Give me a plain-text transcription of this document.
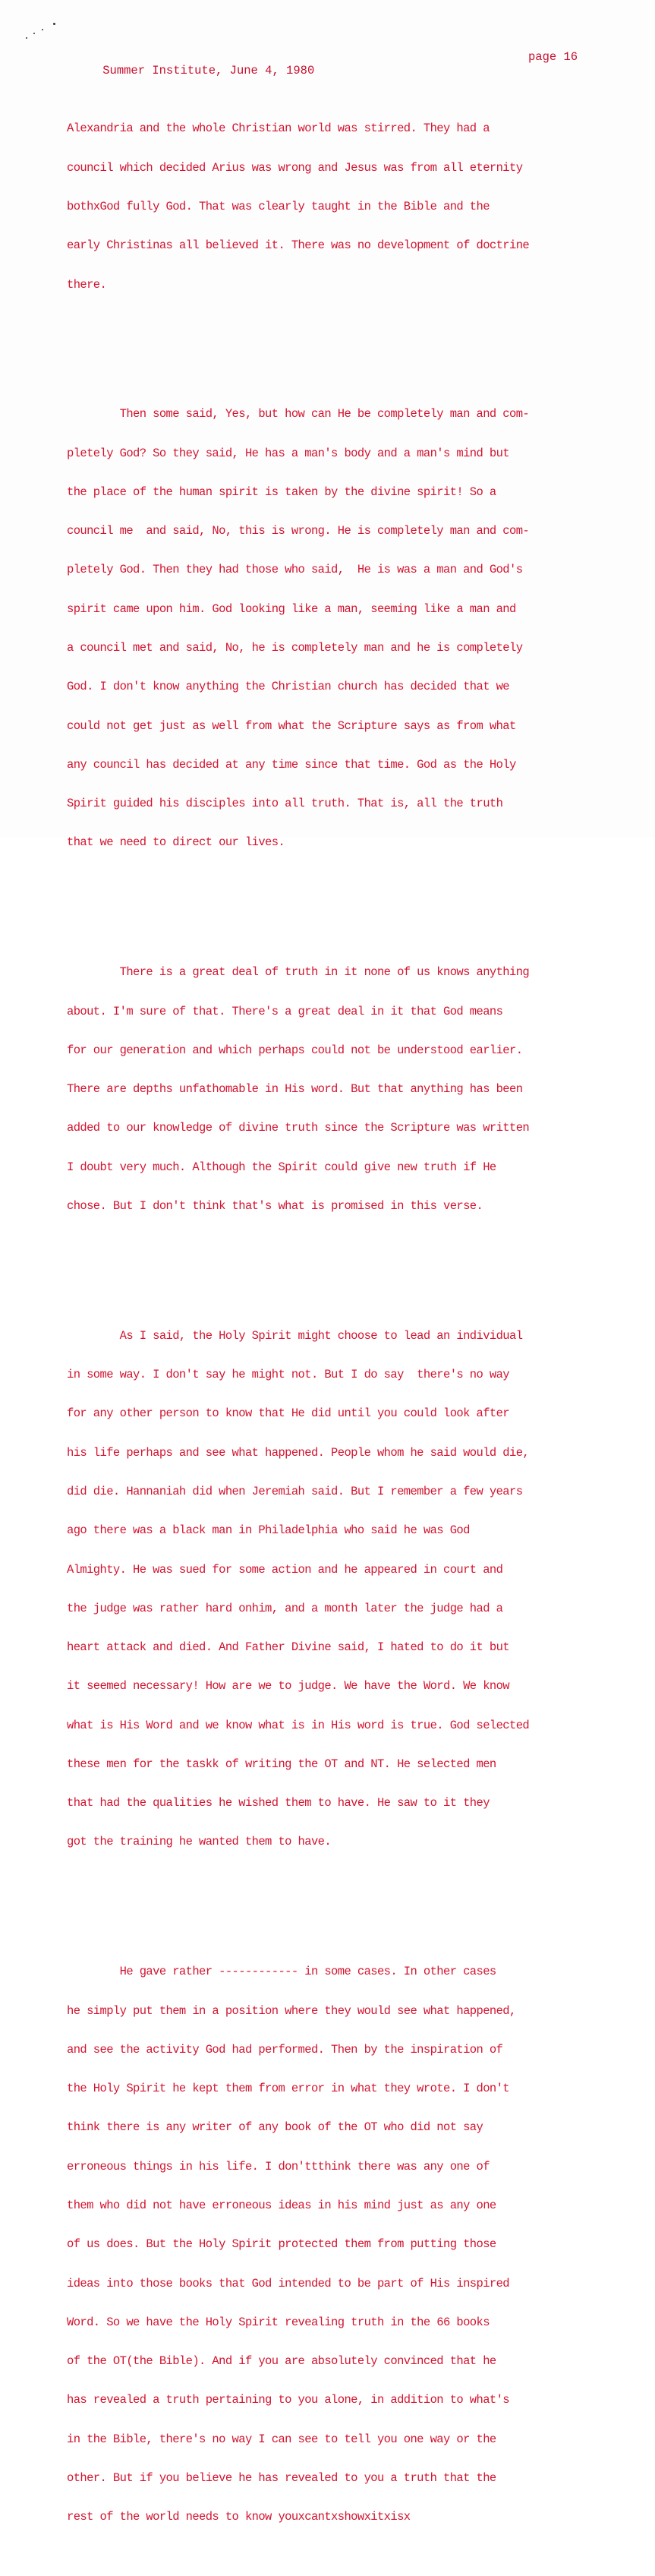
Summer Institute, June 4, 1980

page 16

Alexandria and the whole Christian world was stirred. They had a

council which decided Arius was wrong and Jesus was from all eternity

bothxGod fully God. That was clearly taught in the Bible and the

early Christinas all believed it. There was no development of doctrine

there.

Then some said, Yes, but how can He be completely man and com-

pletely God? So they said, He has a man's body and a man's mind but

the place of the human spirit is taken by the divine spirit! So a

council me  and said, No, this is wrong. He is completely man and com-

pletely God. Then they had those who said,  He is was a man and God's

spirit came upon him. God looking like a man, seeming like a man and

a council met and said, No, he is completely man and he is completely

God. I don't know anything the Christian church has decided that we

could not get just as well from what the Scripture says as from what

any council has decided at any time since that time. God as the Holy

Spirit guided his disciples into all truth. That is, all the truth

that we need to direct our lives.

There is a great deal of truth in it none of us knows anything

about. I'm sure of that. There's a great deal in it that God means

for our generation and which perhaps could not be understood earlier.

There are depths unfathomable in His word. But that anything has been

added to our knowledge of divine truth since the Scripture was written

I doubt very much. Although the Spirit could give new truth if He

chose. But I don't think that's what is promised in this verse.

As I said, the Holy Spirit might choose to lead an individual

in some way. I don't say he might not. But I do say  there's no way

for any other person to know that He did until you could look after

his life perhaps and see what happened. People whom he said would die,

did die. Hannaniah did when Jeremiah said. But I remember a few years

ago there was a black man in Philadelphia who said he was God

Almighty. He was sued for some action and he appeared in court and

the judge was rather hard onhim, and a month later the judge had a

heart attack and died. And Father Divine said, I hated to do it but

it seemed necessary! How are we to judge. We have the Word. We know

what is His Word and we know what is in His word is true. God selected

these men for the taskk of writing the OT and NT. He selected men

that had the qualities he wished them to have. He saw to it they

got the training he wanted them to have.

He gave rather ------------ in some cases. In other cases

he simply put them in a position where they would see what happened,

and see the activity God had performed. Then by the inspiration of

the Holy Spirit he kept them from error in what they wrote. I don't

think there is any writer of any book of the OT who did not say

erroneous things in his life. I don'ttthink there was any one of

them who did not have erroneous ideas in his mind just as any one

of us does. But the Holy Spirit protected them from putting those

ideas into those books that God intended to be part of His inspired

Word. So we have the Holy Spirit revealing truth in the 66 books

of the OT(the Bible). And if you are absolutely convinced that he

has revealed a truth pertaining to you alone, in addition to what's

in the Bible, there's no way I can see to tell you one way or the

other. But if you believe he has revealed to you a truth that the

rest of the world needs to know youxcantxshowxitxisx
